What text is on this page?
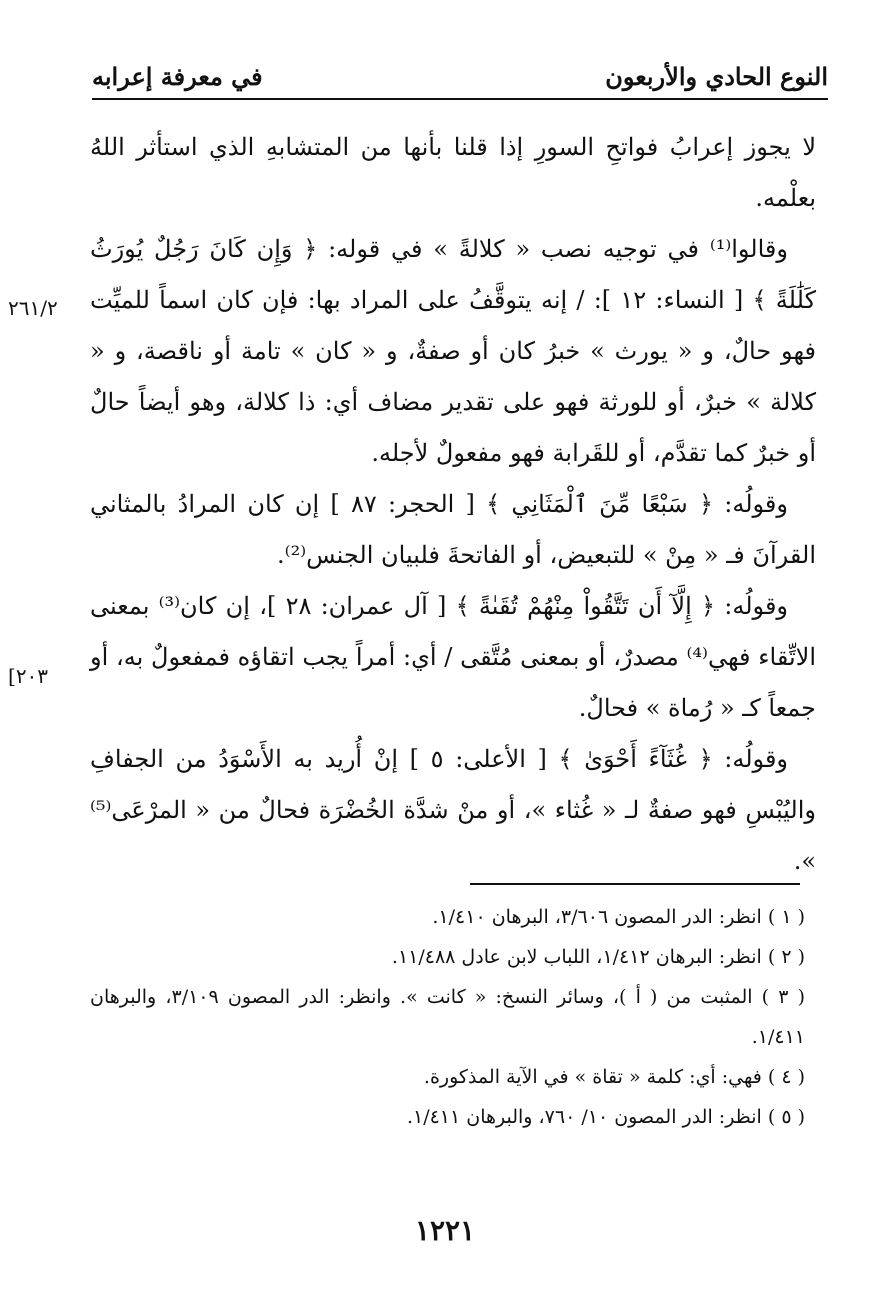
النوع الحادي والأربعون
في معرفة إعرابه

لا يجوز إعرابُ فواتحِ السورِ إذا قلنا بأنها من المتشابهِ الذي استأثر اللهُ بعلْمه.

وقالوا⁽¹⁾ في توجيه نصب « كلالةً » في قوله: ﴿ وَإِن كَانَ رَجُلٌ يُورَثُ كَلَٰلَةً ﴾ [ النساء: ١٢ ]: / إنه يتوقَّفُ على المراد بها: فإن كان اسماً للميِّت فهو حالٌ، و « يورث » خبرُ كان أو صفةٌ، و « كان » تامة أو ناقصة، و « كلالة » خبرٌ، أو للورثة فهو على تقدير مضاف أي: ذا كلالة، وهو أيضاً حالٌ أو خبرٌ كما تقدَّم، أو للقَرابة فهو مفعولٌ لأجله.

وقولُه: ﴿ سَبْعًا مِّنَ ٱلْمَثَانِي ﴾ [ الحجر: ٨٧ ] إن كان المرادُ بالمثاني القرآنَ فـ « مِنْ » للتبعيض، أو الفاتحةَ فلبيان الجنس⁽²⁾.

وقولُه: ﴿ إِلَّآ أَن تَتَّقُواْ مِنْهُمْ تُقَىٰةً ﴾ [ آل عمران: ٢٨ ]، إن كان⁽³⁾ بمعنى الاتِّقاء فهي⁽⁴⁾ مصدرٌ، أو بمعنى مُتَّقى / أي: أمراً يجب اتقاؤه فمفعولٌ به، أو جمعاً كـ « رُماة » فحالٌ.

وقولُه: ﴿ غُثَآءً أَحْوَىٰ ﴾ [ الأعلى: ٥ ] إنْ أُريد به الأَسْوَدُ من الجفافِ واليُبْسِ فهو صفةٌ لـ « غُثاء »، أو منْ شدَّة الخُضْرَة فحالٌ من « المرْعَى⁽⁵⁾ ».

٢٦١/٢
[٢٠٣

( ١ ) انظر: الدر المصون ٣/٦٠٦، البرهان ١/٤١٠.

( ٢ ) انظر: البرهان ١/٤١٢، اللباب لابن عادل ١١/٤٨٨.

( ٣ ) المثبت من ( أ )، وسائر النسخ: « كانت ». وانظر: الدر المصون ٣/١٠٩، والبرهان ١/٤١١.

( ٤ ) فهي: أي: كلمة « تقاة » في الآية المذكورة.

( ٥ ) انظر: الدر المصون ١٠/ ٧٦٠، والبرهان ١/٤١١.

١٢٢١
